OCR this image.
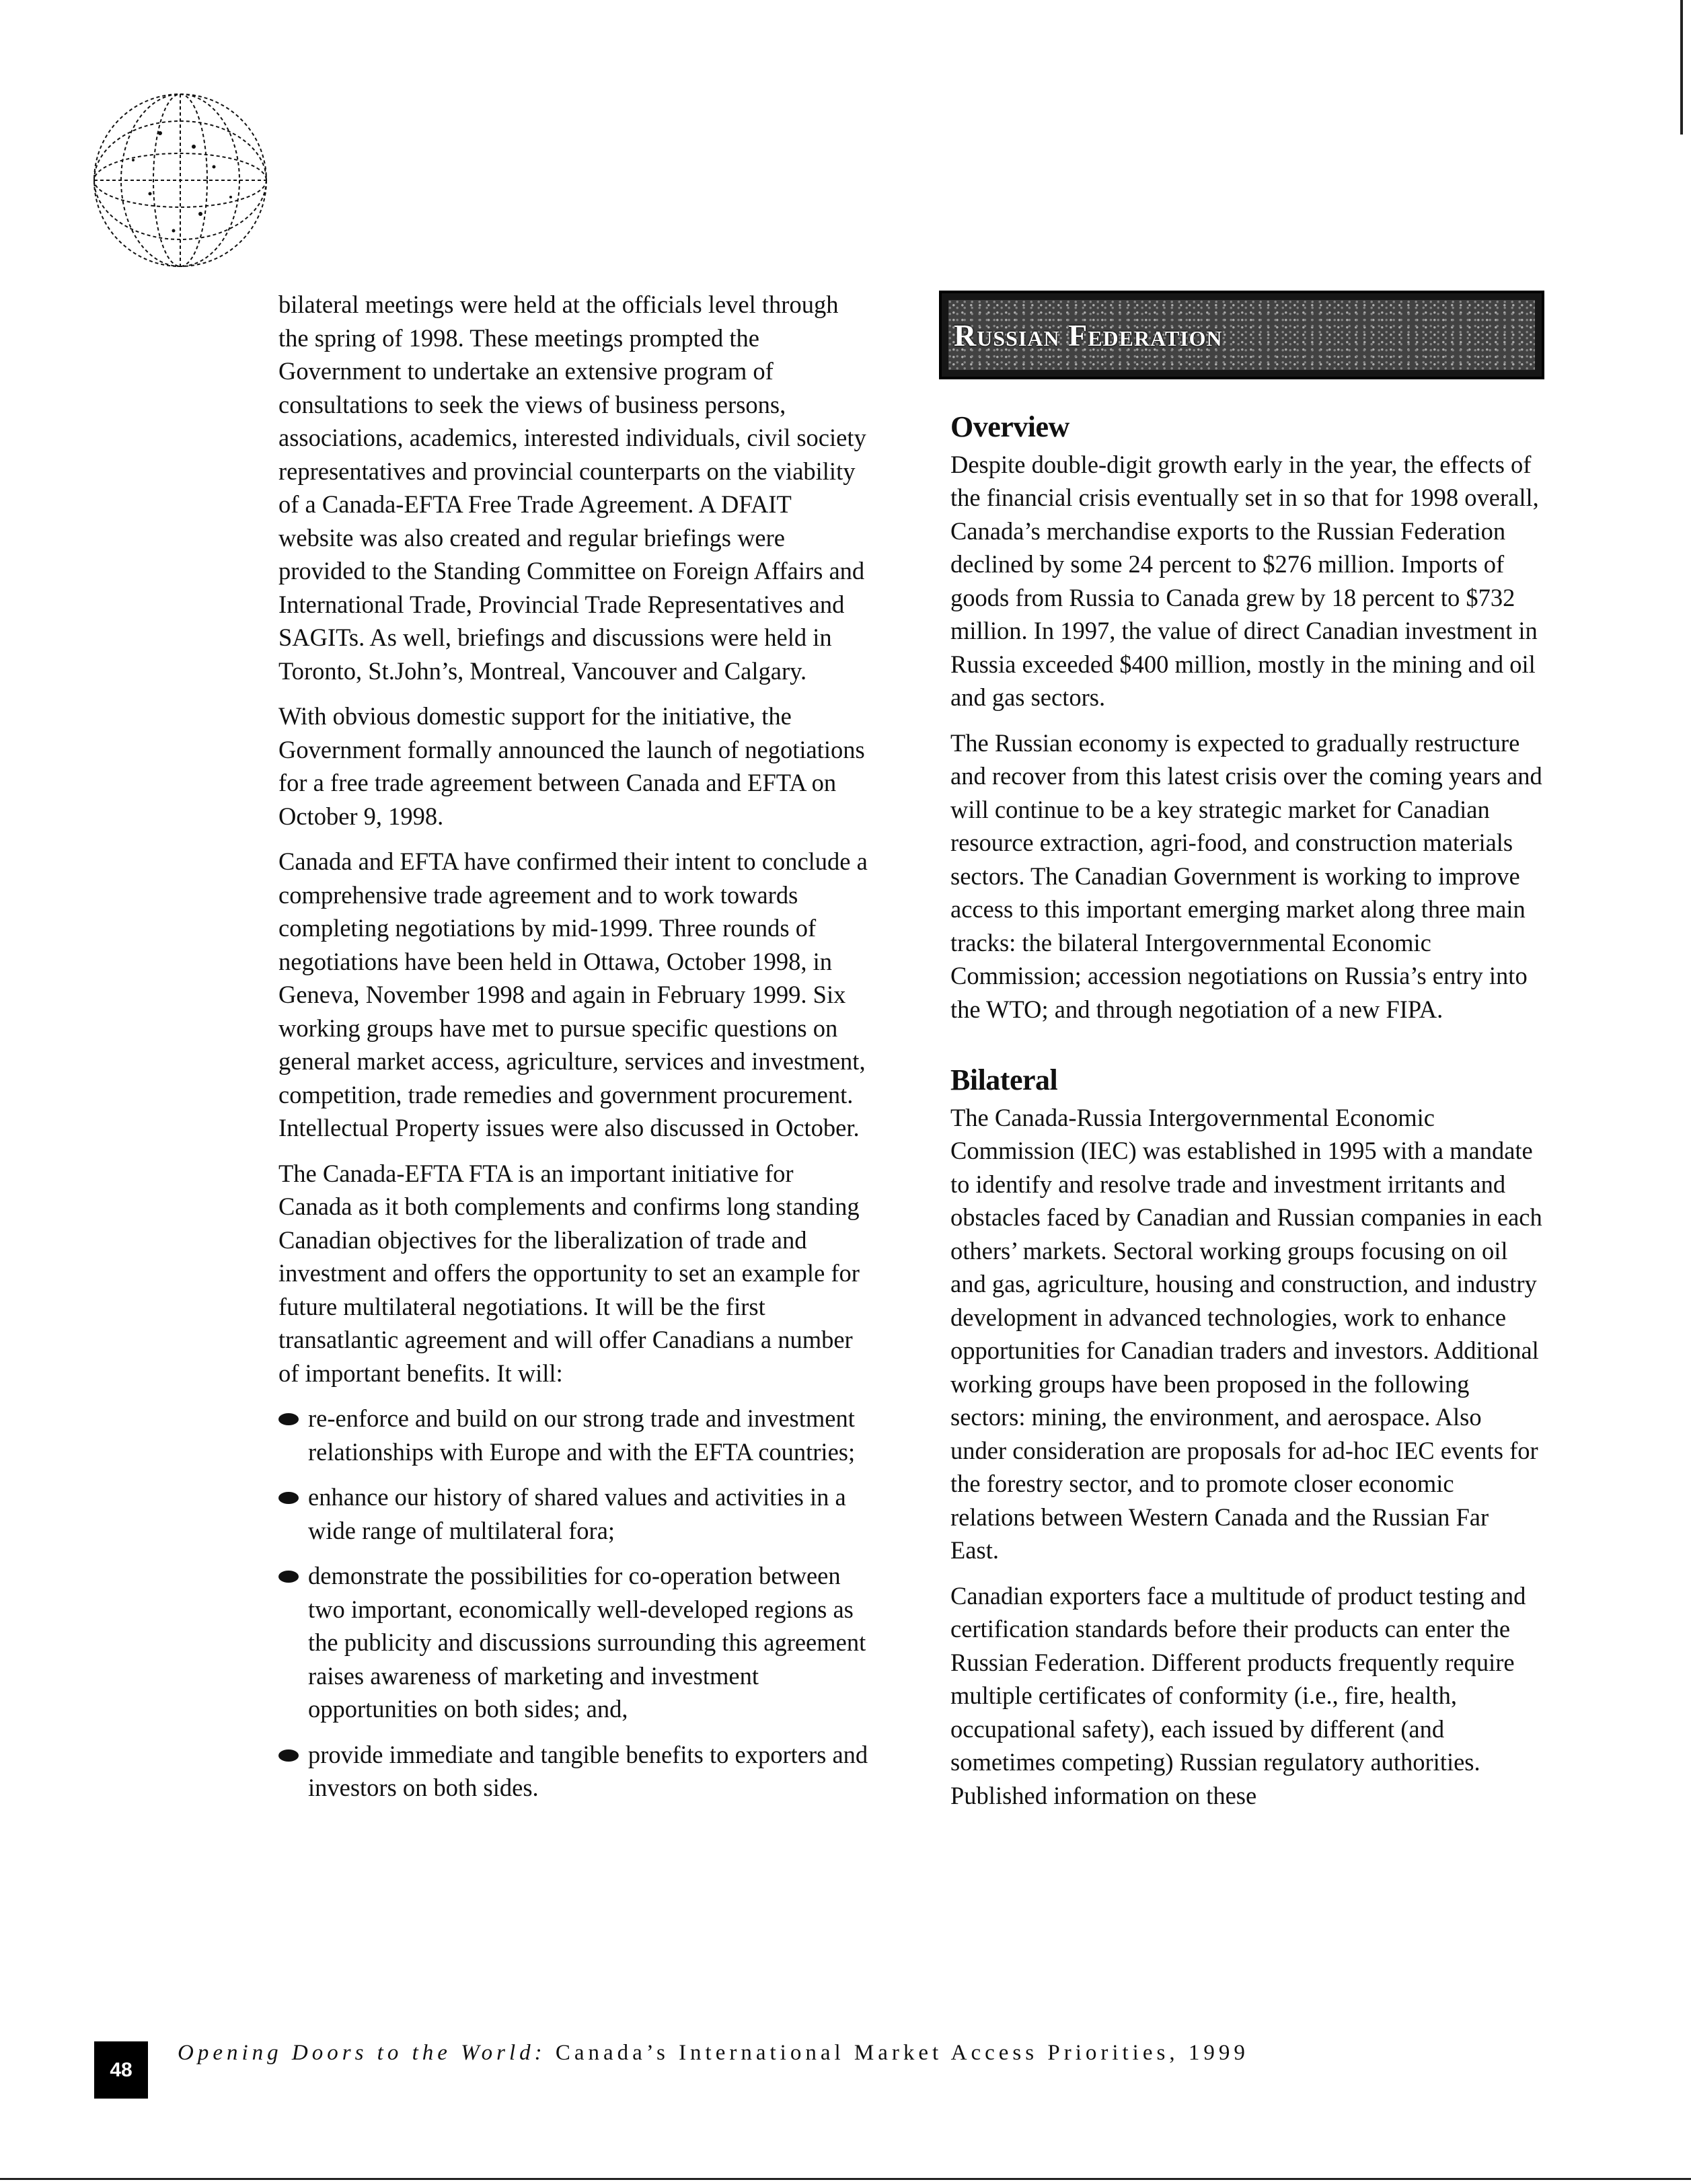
bilateral meetings were held at the officials level through the spring of 1998. These meetings prompted the Government to undertake an extensive program of consultations to seek the views of business persons, associations, academics, interested individuals, civil society representatives and provincial counterparts on the viability of a Canada-EFTA Free Trade Agreement. A DFAIT website was also created and regular briefings were provided to the Standing Committee on Foreign Affairs and International Trade, Provincial Trade Representatives and SAGITs. As well, briefings and discussions were held in Toronto, St.John’s, Montreal, Vancouver and Calgary.

With obvious domestic support for the initiative, the Government formally announced the launch of negotiations for a free trade agreement between Canada and EFTA on October 9, 1998.

Canada and EFTA have confirmed their intent to conclude a comprehensive trade agreement and to work towards completing negotiations by mid-1999. Three rounds of negotiations have been held in Ottawa, October 1998, in Geneva, November 1998 and again in February 1999. Six working groups have met to pursue specific questions on general market access, agriculture, services and investment, competition, trade remedies and government procurement. Intellectual Property issues were also discussed in October.

The Canada-EFTA FTA is an important initiative for Canada as it both complements and confirms long standing Canadian objectives for the liberalization of trade and investment and offers the opportunity to set an example for future multilateral negotiations. It will be the first transatlantic agreement and will offer Canadians a number of important benefits. It will:

re-enforce and build on our strong trade and investment relationships with Europe and with the EFTA countries;
enhance our history of shared values and activities in a wide range of multilateral fora;
demonstrate the possibilities for co-operation between two important, economically well-developed regions as the publicity and discussions surrounding this agreement raises awareness of marketing and investment opportunities on both sides; and,
provide immediate and tangible benefits to exporters and investors on both sides.
Russian Federation
Overview

Despite double-digit growth early in the year, the effects of the financial crisis eventually set in so that for 1998 overall, Canada’s merchandise exports to the Russian Federation declined by some 24 percent to $276 million. Imports of goods from Russia to Canada grew by 18 percent to $732 million. In 1997, the value of direct Canadian investment in Russia exceeded $400 million, mostly in the mining and oil and gas sectors.

The Russian economy is expected to gradually restructure and recover from this latest crisis over the coming years and will continue to be a key strategic market for Canadian resource extraction, agri-food, and construction materials sectors. The Canadian Government is working to improve access to this important emerging market along three main tracks: the bilateral Intergovernmental Economic Commission; accession negotiations on Russia’s entry into the WTO; and through negotiation of a new FIPA.

Bilateral

The Canada-Russia Intergovernmental Economic Commission (IEC) was established in 1995 with a mandate to identify and resolve trade and investment irritants and obstacles faced by Canadian and Russian companies in each others’ markets. Sectoral working groups focusing on oil and gas, agriculture, housing and construction, and industry development in advanced technologies, work to enhance opportunities for Canadian traders and investors. Additional working groups have been proposed in the following sectors: mining, the environment, and aerospace. Also under consideration are proposals for ad-hoc IEC events for the forestry sector, and to promote closer economic relations between Western Canada and the Russian Far East.

Canadian exporters face a multitude of product testing and certification standards before their products can enter the Russian Federation. Different products frequently require multiple certificates of conformity (i.e., fire, health, occupational safety), each issued by different (and sometimes competing) Russian regulatory authorities. Published information on these

48
Opening Doors to the World: Canada’s International Market Access Priorities, 1999
